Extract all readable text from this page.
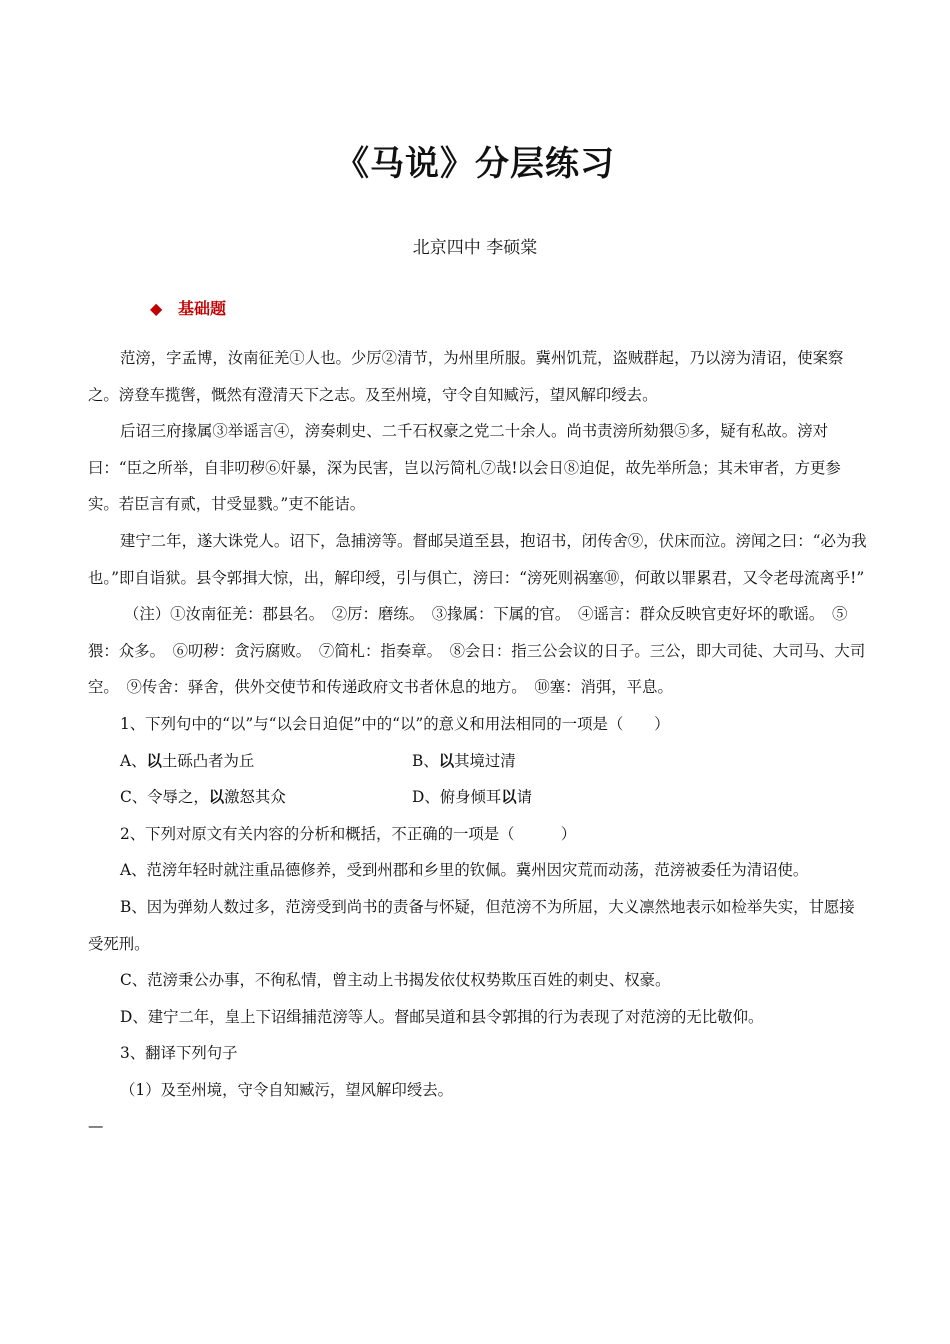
《马说》分层练习
北京四中 李硕棠
◆ 基础题

范滂，字孟博，汝南征羌①人也。少厉②清节，为州里所服。冀州饥荒，盗贼群起，乃以滂为清诏，使案察之。滂登车揽辔，慨然有澄清天下之志。及至州境，守令自知臧污，望风解印绶去。

后诏三府掾属③举谣言④，滂奏刺史、二千石权豪之党二十余人。尚书责滂所劾猥⑤多，疑有私故。滂对曰：“臣之所举，自非叨秽⑥奸暴，深为民害，岂以污简札⑦哉!以会日⑧迫促，故先举所急；其未审者，方更参实。若臣言有贰，甘受显戮。”吏不能诘。

建宁二年，遂大诛党人。诏下，急捕滂等。督邮吴道至县，抱诏书，闭传舍⑨，伏床而泣。滂闻之曰：“必为我也。”即自诣狱。县令郭揖大惊，出，解印绶，引与俱亡，滂曰：“滂死则祸塞⑩，何敢以罪累君，又令老母流离乎!”

（注）①汝南征羌：郡县名。　②厉：磨练。　③掾属：下属的官。　④谣言：群众反映官吏好坏的歌谣。　⑤猥：众多。　⑥叨秽：贪污腐败。　⑦简札：指奏章。　⑧会日：指三公会议的日子。三公，即大司徒、大司马、大司空。　⑨传舍：驿舍，供外交使节和传递政府文书者休息的地方。　⑩塞：消弭，平息。

1、下列句中的“以”与“以会日迫促”中的“以”的意义和用法相同的一项是（　　）

A、以土砾凸者为丘	B、以其境过清
C、令辱之，以激怒其众	D、俯身倾耳以请

2、下列对原文有关内容的分析和概括，不正确的一项是（　　　）

A、范滂年轻时就注重品德修养，受到州郡和乡里的钦佩。冀州因灾荒而动荡，范滂被委任为清诏使。

B、因为弹劾人数过多，范滂受到尚书的责备与怀疑，但范滂不为所屈，大义凛然地表示如检举失实，甘愿接受死刑。

C、范滂秉公办事，不徇私情，曾主动上书揭发依仗权势欺压百姓的刺史、权豪。

D、建宁二年，皇上下诏缉捕范滂等人。督邮吴道和县令郭揖的行为表现了对范滂的无比敬仰。

3、翻译下列句子

（1）及至州境，守令自知臧污，望风解印绶去。

—
